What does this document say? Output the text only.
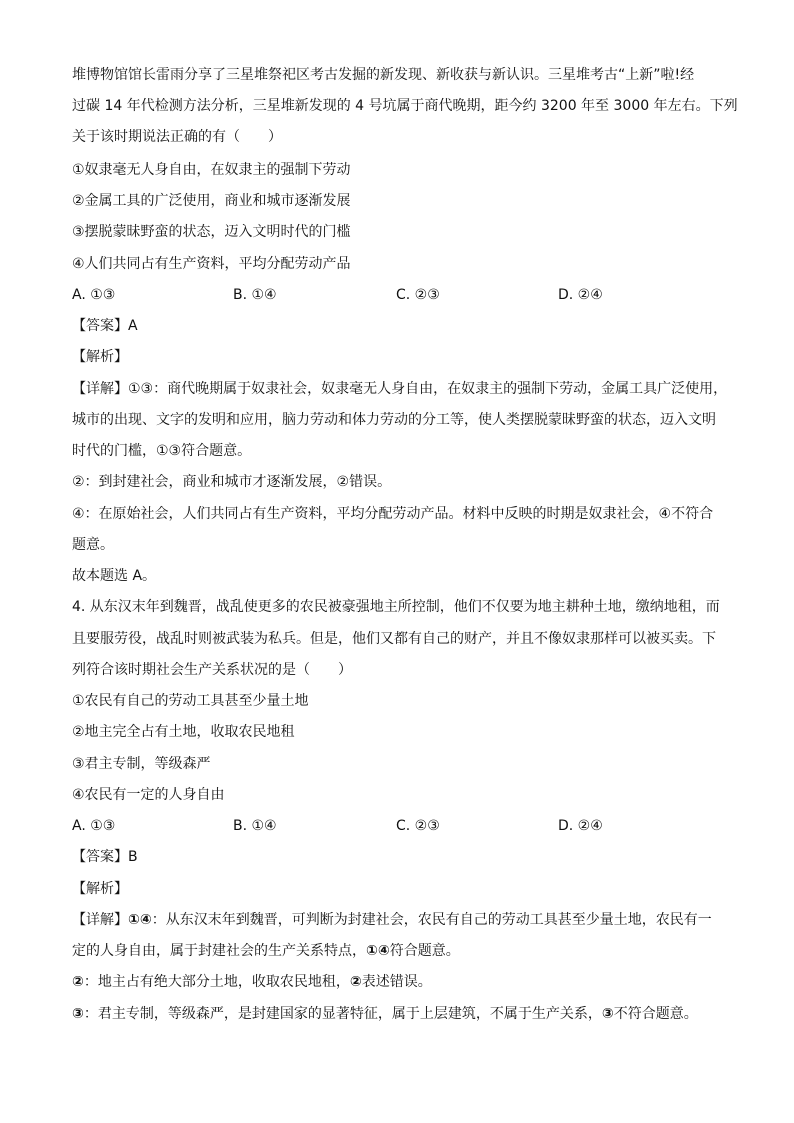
堆博物馆馆长雷雨分享了三星堆祭祀区考古发掘的新发现、新收获与新认识。三星堆考古“上新”啦!经
过碳 14 年代检测方法分析，三星堆新发现的 4 号坑属于商代晚期，距今约 3200 年至 3000 年左右。下列
关于该时期说法正确的有（　　）
①奴隶毫无人身自由，在奴隶主的强制下劳动
②金属工具的广泛使用，商业和城市逐渐发展
③摆脱蒙昧野蛮的状态，迈入文明时代的门槛
④人们共同占有生产资料，平均分配劳动产品
A. ①③	B. ①④	C. ②③	D. ②④
【答案】A
【解析】
【详解】①③：商代晚期属于奴隶社会，奴隶毫无人身自由，在奴隶主的强制下劳动，金属工具广泛使用，
城市的出现、文字的发明和应用，脑力劳动和体力劳动的分工等，使人类摆脱蒙昧野蛮的状态，迈入文明
时代的门槛，①③符合题意。
②：到封建社会，商业和城市才逐渐发展，②错误。
④：在原始社会，人们共同占有生产资料，平均分配劳动产品。材料中反映的时期是奴隶社会，④不符合
题意。
故本题选 A。
4. 从东汉末年到魏晋，战乱使更多的农民被豪强地主所控制，他们不仅要为地主耕种土地，缴纳地租，而
且要服劳役，战乱时则被武装为私兵。但是，他们又都有自己的财产，并且不像奴隶那样可以被买卖。下
列符合该时期社会生产关系状况的是（　　）
①农民有自己的劳动工具甚至少量土地
②地主完全占有土地，收取农民地租
③君主专制，等级森严
④农民有一定的人身自由
A. ①③	B. ①④	C. ②③	D. ②④
【答案】B
【解析】
【详解】①④：从东汉末年到魏晋，可判断为封建社会，农民有自己的劳动工具甚至少量土地，农民有一
定的人身自由，属于封建社会的生产关系特点，①④符合题意。
②：地主占有绝大部分土地，收取农民地租，②表述错误。
③：君主专制，等级森严，是封建国家的显著特征，属于上层建筑，不属于生产关系，③不符合题意。
